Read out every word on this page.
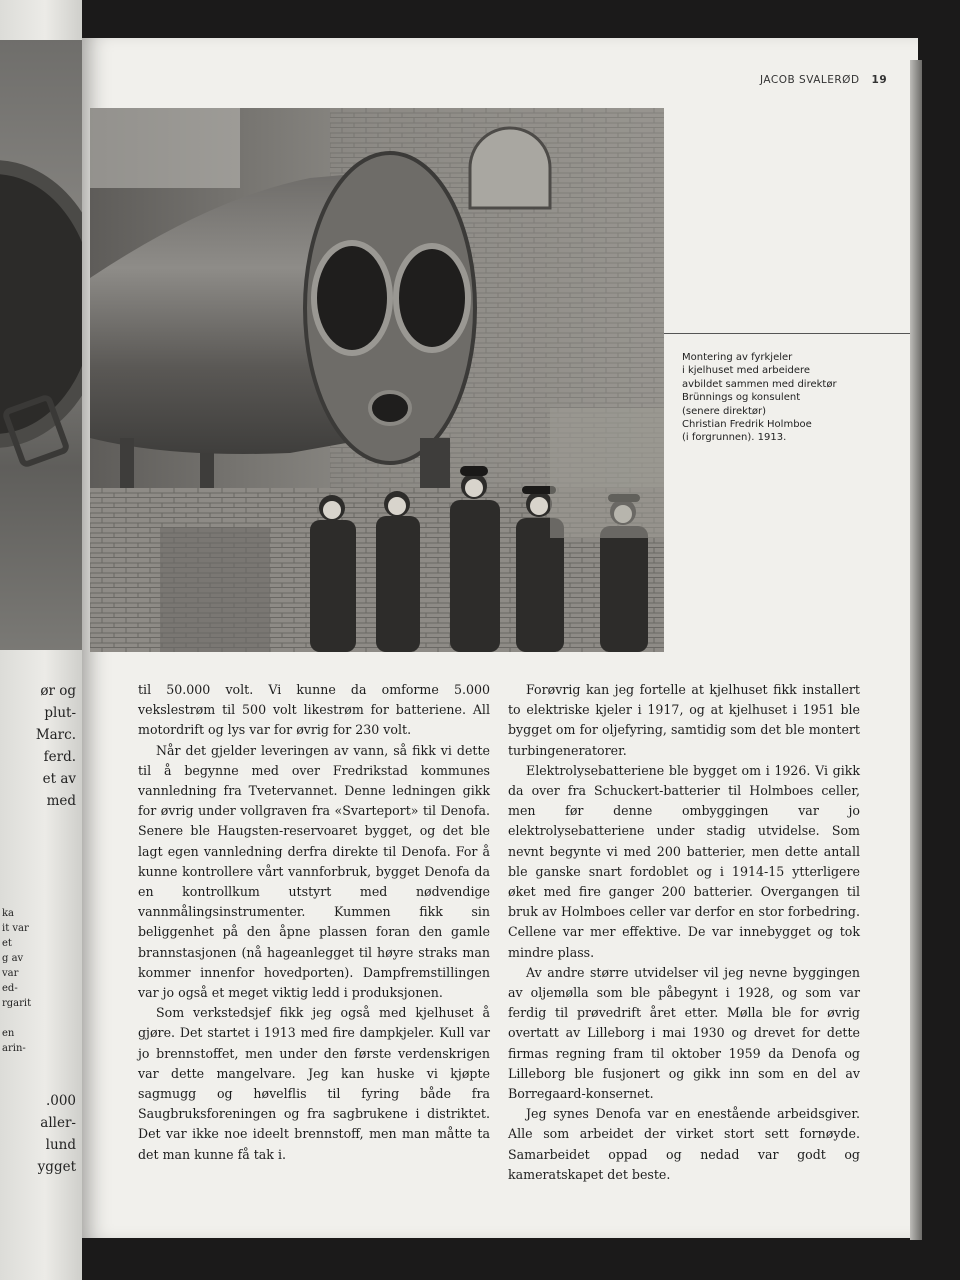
ør og
plut-
Marc.
ferd.
et av
med
ka
it var
et
g av
var
ed-
rgarit

en
arin-
.000
aller-
lund
ygget
JACOB SVALERØD 19
Montering av fyrkjeler
i kjelhuset med arbeidere
avbildet sammen med direktør
Brünnings og konsulent
(senere direktør)
Christian Fredrik Holmboe
(i forgrunnen). 1913.

til 50.000 volt. Vi kunne da omforme 5.000 vekslestrøm til 500 volt likestrøm for batteriene. All motordrift og lys var for øvrig for 230 volt.

Når det gjelder leveringen av vann, så fikk vi dette til å begynne med over Fredrikstad kommunes vannledning fra Tvetervannet. Denne ledningen gikk for øvrig under vollgraven fra «Svarteport» til Denofa. Senere ble Haugsten-reservoaret bygget, og det ble lagt egen vannledning derfra direkte til Denofa. For å kunne kontrollere vårt vannforbruk, bygget Denofa da en kontrollkum utstyrt med nødvendige vannmålingsinstrumenter. Kummen fikk sin beliggenhet på den åpne plassen foran den gamle brannstasjonen (nå hageanlegget til høyre straks man kommer innenfor hovedporten). Dampfremstillingen var jo også et meget viktig ledd i produksjonen.

Som verkstedsjef fikk jeg også med kjelhuset å gjøre. Det startet i 1913 med fire dampkjeler. Kull var jo brennstoffet, men under den første verdenskrigen var dette mangelvare. Jeg kan huske vi kjøpte sagmugg og høvelflis til fyring både fra Saugbruksforeningen og fra sagbrukene i distriktet. Det var ikke noe ideelt brennstoff, men man måtte ta det man kunne få tak i.

Forøvrig kan jeg fortelle at kjelhuset fikk installert to elektriske kjeler i 1917, og at kjelhuset i 1951 ble bygget om for oljefyring, samtidig som det ble montert turbingeneratorer.

Elektrolysebatteriene ble bygget om i 1926. Vi gikk da over fra Schuckert-batterier til Holmboes celler, men før denne ombyggingen var jo elektrolysebatteriene under stadig utvidelse. Som nevnt begynte vi med 200 batterier, men dette antall ble ganske snart fordoblet og i 1914-15 ytterligere øket med fire ganger 200 batterier. Overgangen til bruk av Holmboes celler var derfor en stor forbedring. Cellene var mer effektive. De var innebygget og tok mindre plass.

Av andre større utvidelser vil jeg nevne byggingen av oljemølla som ble påbegynt i 1928, og som var ferdig til prøvedrift året etter. Mølla ble for øvrig overtatt av Lilleborg i mai 1930 og drevet for dette firmas regning fram til oktober 1959 da Denofa og Lilleborg ble fusjonert og gikk inn som en del av Borregaard-konsernet.

Jeg synes Denofa var en enestående arbeidsgiver. Alle som arbeidet der virket stort sett fornøyde. Samarbeidet oppad og nedad var godt og kameratskapet det beste.
